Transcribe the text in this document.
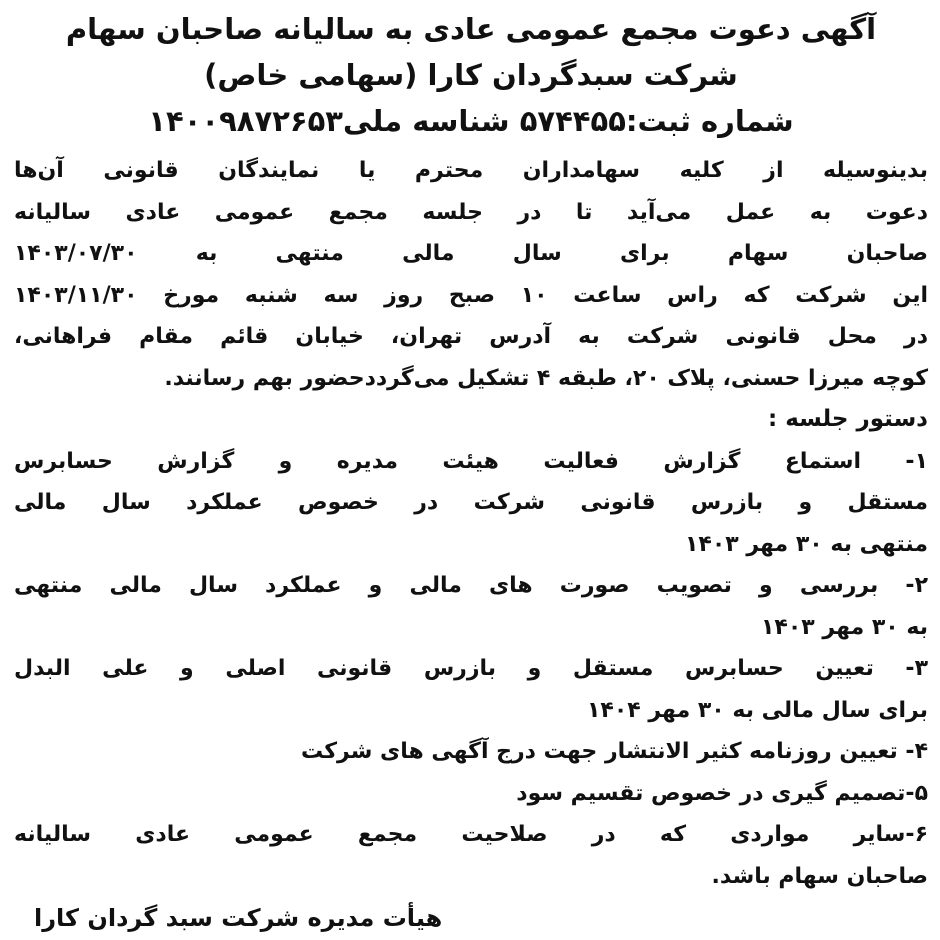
آگهی دعوت مجمع عمومی عادی به سالیانه صاحبان سهام
شرکت سبدگردان کارا (سهامی خاص)
شماره ثبت:۵۷۴۴۵۵ شناسه ملی۱۴۰۰۹۸۷۲۶۵۳
بدینوسیله از کلیه سهامداران محترم یا نمایندگان قانونی آن‌ها
دعوت به عمل می‌آید تا در جلسه مجمع عمومی عادی سالیانه
صاحبان سهام برای سال مالی منتهی به ۱۴۰۳/۰۷/۳۰
این شرکت که راس ساعت ۱۰ صبح روز سه شنبه مورخ ۱۴۰۳/۱۱/۳۰
در محل قانونی شرکت به آدرس تهران، خیابان قائم مقام فراهانی،
کوچه میرزا حسنی، پلاک ۲۰، طبقه ۴ تشکیل می‌گرددحضور بهم رسانند.
دستور جلسه :
۱- استماع گزارش فعالیت هیئت مدیره و گزارش حسابرس
مستقل و بازرس قانونی شرکت در خصوص عملکرد سال مالی
منتهی به ۳۰ مهر ۱۴۰۳
۲- بررسی و تصویب صورت های مالی و عملکرد سال مالی منتهی
به ۳۰ مهر ۱۴۰۳
۳- تعیین حسابرس مستقل و بازرس قانونی اصلی و علی البدل
برای سال مالی به ۳۰ مهر ۱۴۰۴
۴- تعیین روزنامه کثیر الانتشار جهت درج آگهی های شرکت
۵-تصمیم گیری در خصوص تقسیم سود
۶-سایر مواردی که در صلاحیت مجمع عمومی عادی سالیانه
صاحبان سهام باشد.
هیأت مدیره شرکت سبد گردان کارا
